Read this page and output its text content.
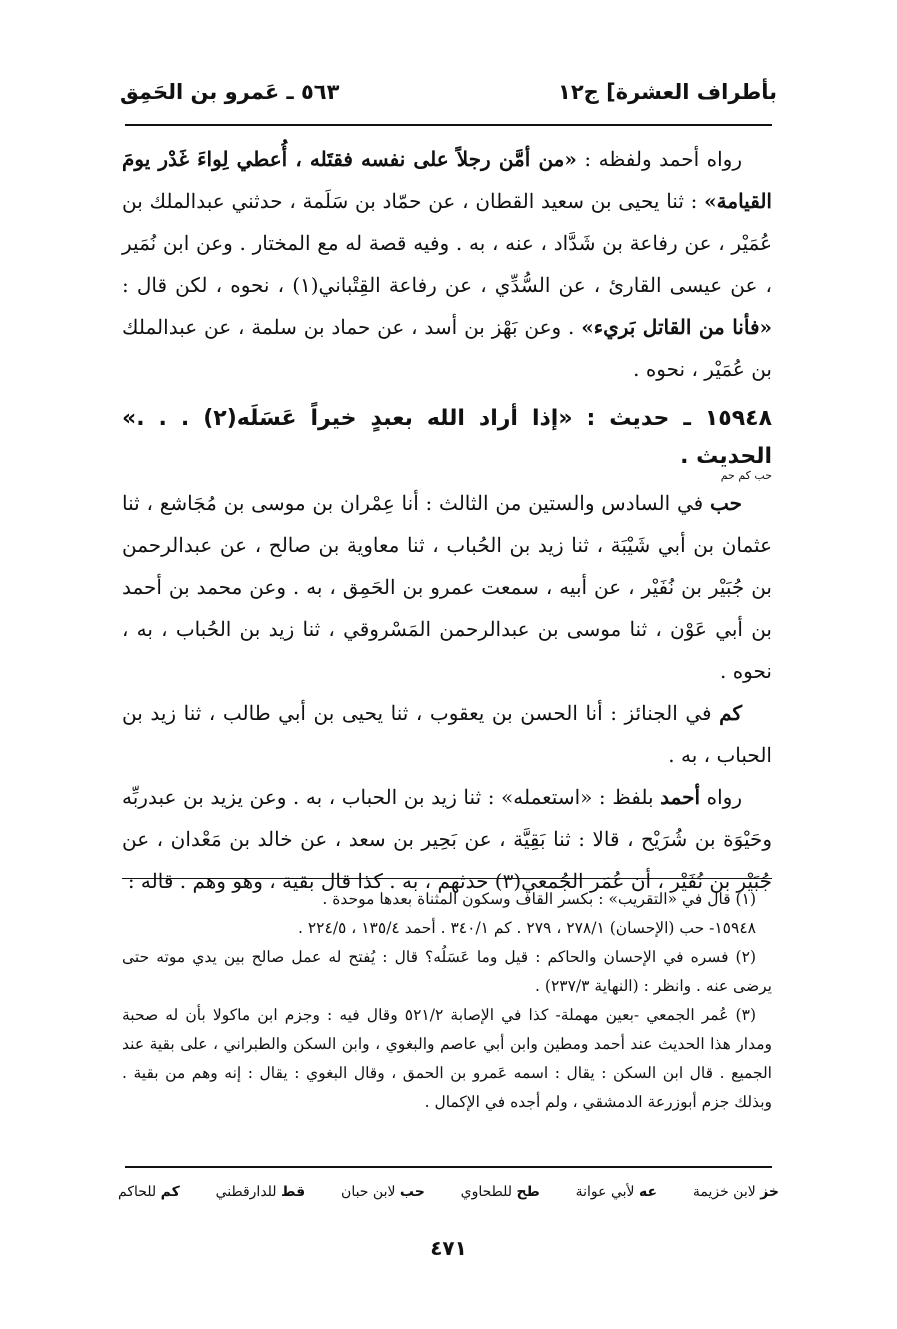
بأطراف العشرة] ج١٢
٥٦٣ ـ عَمرو بن الحَمِق

رواه أحمد ولفظه : «من أمَّن رجلاً على نفسه فقتَله ، أُعطي لِواءَ غَدْر يومَ القيامة» : ثنا يحيى بن سعيد القطان ، عن حمّاد بن سَلَمة ، حدثني عبدالملك بن عُمَيْر ، عن رفاعة بن شَدَّاد ، عنه ، به . وفيه قصة له مع المختار . وعن ابن نُمَير ، عن عيسى القارئ ، عن السُّدِّي ، عن رفاعة القِتْباني(١) ، نحوه ، لكن قال : «فأنا من القاتل بَريء» . وعن بَهْز بن أسد ، عن حماد بن سلمة ، عن عبدالملك بن عُمَيْر ، نحوه .

١٥٩٤٨ ـ حديث : «إذا أراد الله بعبدٍ خيراً عَسَلَه(٢) . . .» الحديث .

حب كم حم

حب في السادس والستين من الثالث : أنا عِمْران بن موسى بن مُجَاشع ، ثنا عثمان بن أبي شَيْبَة ، ثنا زيد بن الحُباب ، ثنا معاوية بن صالح ، عن عبدالرحمن بن جُبَيْر بن نُفَيْر ، عن أبيه ، سمعت عمرو بن الحَمِق ، به . وعن محمد بن أحمد بن أبي عَوْن ، ثنا موسى بن عبدالرحمن المَسْروقي ، ثنا زيد بن الحُباب ، به ، نحوه .

كم في الجنائز : أنا الحسن بن يعقوب ، ثنا يحيى بن أبي طالب ، ثنا زيد بن الحباب ، به .

رواه أحمد بلفظ : «استعمله» : ثنا زيد بن الحباب ، به . وعن يزيد بن عبدربِّه وحَيْوَة بن شُرَيْح ، قالا : ثنا بَقِيَّة ، عن بَحِير بن سعد ، عن خالد بن مَعْدان ، عن جُبَيْر بن نُفَيْر ، أن عُمَر الجُمعي(٣) حدثهم ، به . كذا قال بقية ، وهو وهم . قاله :

(١) قال في «التقريب» : بكسر القاف وسكون المثناة بعدها موحدة .

١٥٩٤٨- حب (الإحسان) ٢٧٨/١ ، ٢٧٩ . كم ٣٤٠/١ . أحمد ١٣٥/٤ ، ٢٢٤/٥ .

(٢) فسره في الإحسان والحاكم : قيل وما عَسَلُه؟ قال : يُفتح له عمل صالح بين يدي موته حتى يرضى عنه . وانظر : (النهاية ٢٣٧/٣) .

(٣) عُمر الجمعي -بعين مهملة- كذا في الإصابة ٥٢١/٢ وقال فيه : وجزم ابن ماكولا بأن له صحبة ومدار هذا الحديث عند أحمد ومطين وابن أبي عاصم والبغوي ، وابن السكن والطبراني ، على بقية عند الجميع . قال ابن السكن : يقال : اسمه عَمرو بن الحمق ، وقال البغوي : يقال : إنه وهم من بقية . وبذلك جزم أبوزرعة الدمشقي ، ولم أجده في الإكمال .

خز لابن خزيمة
عه لأبي عوانة
طح للطحاوي
حب لابن حبان
قط للدارقطني
كم للحاكم
٤٧١
